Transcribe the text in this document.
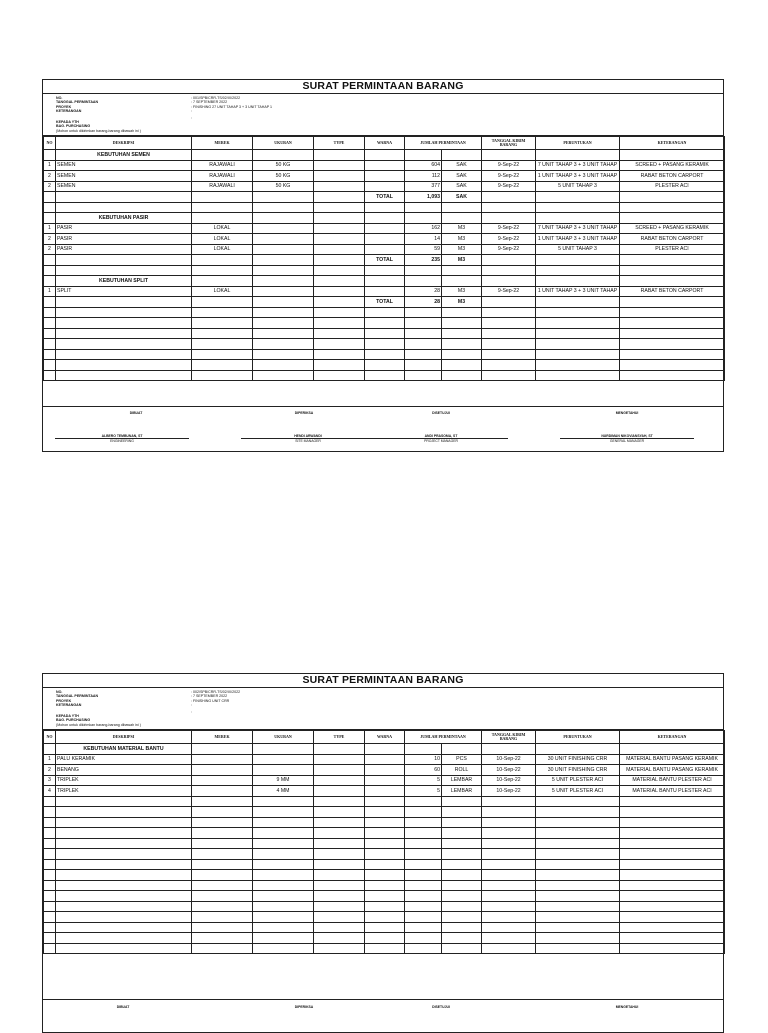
SURAT PERMINTAAN BARANG
NO.
TANGGAL PERMINTAAN
PROYEK
KETERANGAN
: 001/SPB/CRR-TS/02/IX/2022
: 7 SEPTEMBER 2022
: FINISHING 27 UNIT TAHAP 3 + 3 UNIT TAHAP 1
:
:
KEPADA YTH
BAG. PURCHASING
(Mohon untuk dikirimkan barang-barang dibawah ini )
NO	DESKRIPSI	MEREK	UKURAN	TYPE	WARNA	JUMLAH PERMINTAAN		TANGGAL KIRIM BARANG	PERUNTUKAN	KETERANGAN
	KEBUTUHAN SEMEN									
1	SEMEN	RAJAWALI	50 KG			604	SAK	9-Sep-22	7 UNIT TAHAP 3 + 3 UNIT TAHAP	SCREED + PASANG KERAMIK
2	SEMEN	RAJAWALI	50 KG			112	SAK	9-Sep-22	1 UNIT TAHAP 3 + 3 UNIT TAHAP	RABAT BETON CARPORT
2	SEMEN	RAJAWALI	50 KG			377	SAK	9-Sep-22	5 UNIT TAHAP 3	PLESTER ACI
					TOTAL	1,093	SAK			

	KEBUTUHAN PASIR									
1	PASIR	LOKAL				162	M3	9-Sep-22	7 UNIT TAHAP 3 + 3 UNIT TAHAP	SCREED + PASANG KERAMIK
2	PASIR	LOKAL				14	M3	9-Sep-22	1 UNIT TAHAP 3 + 3 UNIT TAHAP	RABAT BETON CARPORT
2	PASIR	LOKAL				59	M3	9-Sep-22	5 UNIT TAHAP 3	PLESTER ACI
					TOTAL	235	M3			

	KEBUTUHAN SPLIT									
1	SPLIT	LOKAL				28	M3	9-Sep-22	1 UNIT TAHAP 3 + 3 UNIT TAHAP	RABAT BETON CARPORT
					TOTAL	28	M3			

DIBUAT	DIPERIKSA	DISETUJUI	MENGETAHUI
ALBERO TEMBUNAN, ST	HENDI ARWANDI	ANDI PRASOMA, ST	NURDIMAN NIKOVIANSYAH, ST
ENGINEERING	SITE MANAGER	PROJECT MANAGER	GENERAL MANAGER
SURAT PERMINTAAN BARANG
NO.
TANGGAL PERMINTAAN
PROYEK
KETERANGAN
: 002/SPB/CRR-TS/02/IX/2022
: 7 SEPTEMBER 2022
: FINISHING UNIT CRR
:
:
KEPADA YTH
BAG. PURCHASING
(Mohon untuk dikirimkan barang-barang dibawah ini )
NO	DESKRIPSI	MEREK	UKURAN	TYPE	WARNA	JUMLAH PERMINTAAN		TANGGAL KIRIM BARANG	PERUNTUKAN	KETERANGAN
	KEBUTUHAN MATERIAL BANTU									
1	PALU KERAMIK					10	PCS	10-Sep-22	30 UNIT FINISHING CRR	MATERIAL BANTU PASANG KERAMIK
2	BENANG					60	ROLL	10-Sep-22	30 UNIT FINISHING CRR	MATERIAL BANTU PASANG KERAMIK
3	TRIPLEK		9 MM			5	LEMBAR	10-Sep-22	5 UNIT PLESTER ACI	MATERIAL BANTU PLESTER ACI
4	TRIPLEK		4 MM			5	LEMBAR	10-Sep-22	5 UNIT PLESTER ACI	MATERIAL BANTU PLESTER ACI

DIBUAT	DIPERIKSA	DISETUJUI	MENGETAHUI
